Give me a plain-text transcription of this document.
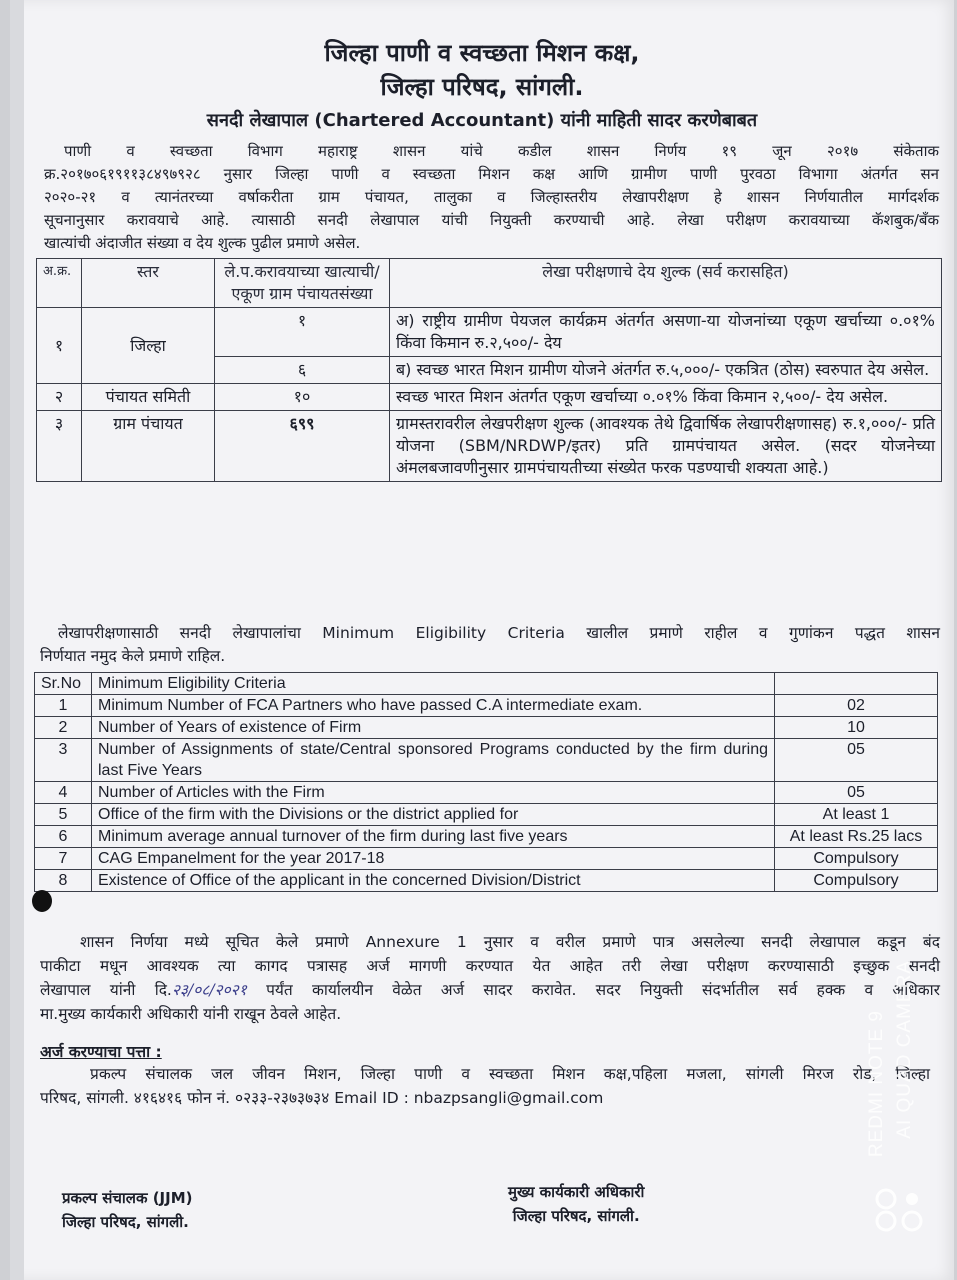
जिल्हा पाणी व स्वच्छता मिशन कक्ष,
जिल्हा परिषद, सांगली.
सनदी लेखापाल (Chartered Accountant) यांनी माहिती सादर करणेबाबत

पाणी व स्वच्छता विभाग महाराष्ट्र शासन यांचे कडील शासन निर्णय १९ जून २०१७ संकेताक

क्र.२०१७०६१९११३८४९७९२८ नुसार जिल्हा पाणी व स्वच्छता मिशन कक्ष आणि ग्रामीण पाणी पुरवठा विभागा अंतर्गत सन

२०२०-२१ व त्यानंतरच्या वर्षाकरीता ग्राम पंचायत, तालुका व जिल्हास्तरीय लेखापरीक्षण हे शासन निर्णयातील मार्गदर्शक

सूचनानुसार करावयाचे आहे. त्यासाठी सनदी लेखापाल यांची नियुक्ती करण्याची आहे. लेखा परीक्षण करावयाच्या कॅशबुक/बँक

खात्यांची अंदाजीत संख्या व देय शुल्क पुढील प्रमाणे असेल.

अ.क्र.	स्तर	ले.प.करावयाच्या खात्याची/एकूण ग्राम पंचायतसंख्या	लेखा परीक्षणाचे देय शुल्क (सर्व करासहित)
१	जिल्हा	१	अ) राष्ट्रीय ग्रामीण पेयजल कार्यक्रम अंतर्गत असणा-या योजनांच्या एकूण खर्चाच्या ०.०१% किंवा किमान रु.२,५००/- देय
		६	ब) स्वच्छ भारत मिशन ग्रामीण योजने अंतर्गत रु.५,०००/- एकत्रित (ठोस) स्वरुपात देय असेल.
२	पंचायत समिती	१०	स्वच्छ भारत मिशन अंतर्गत एकूण खर्चाच्या ०.०१% किंवा किमान २,५००/- देय असेल.
३	ग्राम पंचायत	६९९	ग्रामस्तरावरील लेखपरीक्षण शुल्क (आवश्यक तेथे द्विवार्षिक लेखापरीक्षणासह) रु.१,०००/- प्रति योजना (SBM/NRDWP/इतर) प्रति ग्रामपंचायत असेल. (सदर योजनेच्या अंमलबजावणीनुसार ग्रामपंचायतीच्या संख्येत फरक पडण्याची शक्यता आहे.)

लेखापरीक्षणासाठी सनदी लेखापालांचा Minimum Eligibility Criteria खालील प्रमाणे राहील व गुणांकन पद्धत शासन

निर्णयात नमुद केले प्रमाणे राहिल.

Sr.No	Minimum Eligibility Criteria	
1	Minimum Number of FCA Partners who have passed C.A intermediate exam.	02
2	Number of Years of existence of Firm	10
3	Number of Assignments of state/Central sponsored Programs conducted by the firm during last Five Years	05
4	Number of Articles with the Firm	05
5	Office of the firm with the Divisions or the district applied for	At least 1
6	Minimum average annual turnover of the firm during last five years	At least Rs.25 lacs
7	CAG Empanelment for the year 2017-18	Compulsory
8	Existence of Office of the applicant in the concerned Division/District	Compulsory

शासन निर्णया मध्ये सूचित केले प्रमाणे Annexure 1 नुसार व वरील प्रमाणे पात्र असलेल्या सनदी लेखापाल कडून बंद

पाकीटा मधून आवश्यक त्या कागद पत्रासह अर्ज मागणी करण्यात येत आहेत तरी लेखा परीक्षण करण्यासाठी इच्छुक सनदी

लेखापाल यांनी दि.२३/०८/२०२१ पर्यंत कार्यालयीन वेळेत अर्ज सादर करावेत. सदर नियुक्ती संदर्भातील सर्व हक्क व अधिकार

मा.मुख्य कार्यकारी अधिकारी यांनी राखून ठेवले आहेत.

अर्ज करण्याचा पत्ता :

प्रकल्प संचालक जल जीवन मिशन, जिल्हा पाणी व स्वच्छता मिशन कक्ष,पहिला मजला, सांगली मिरज रोड, जिल्हा

परिषद, सांगली. ४१६४१६ फोन नं. ०२३३-२३७३७३४ Email ID : nbazpsangli@gmail.com

प्रकल्प संचालक (JJM)
जिल्हा परिषद, सांगली.
मुख्य कार्यकारी अधिकारी
जिल्हा परिषद, सांगली.
REDMI NOTE 9 AI QUAD CAMERA
